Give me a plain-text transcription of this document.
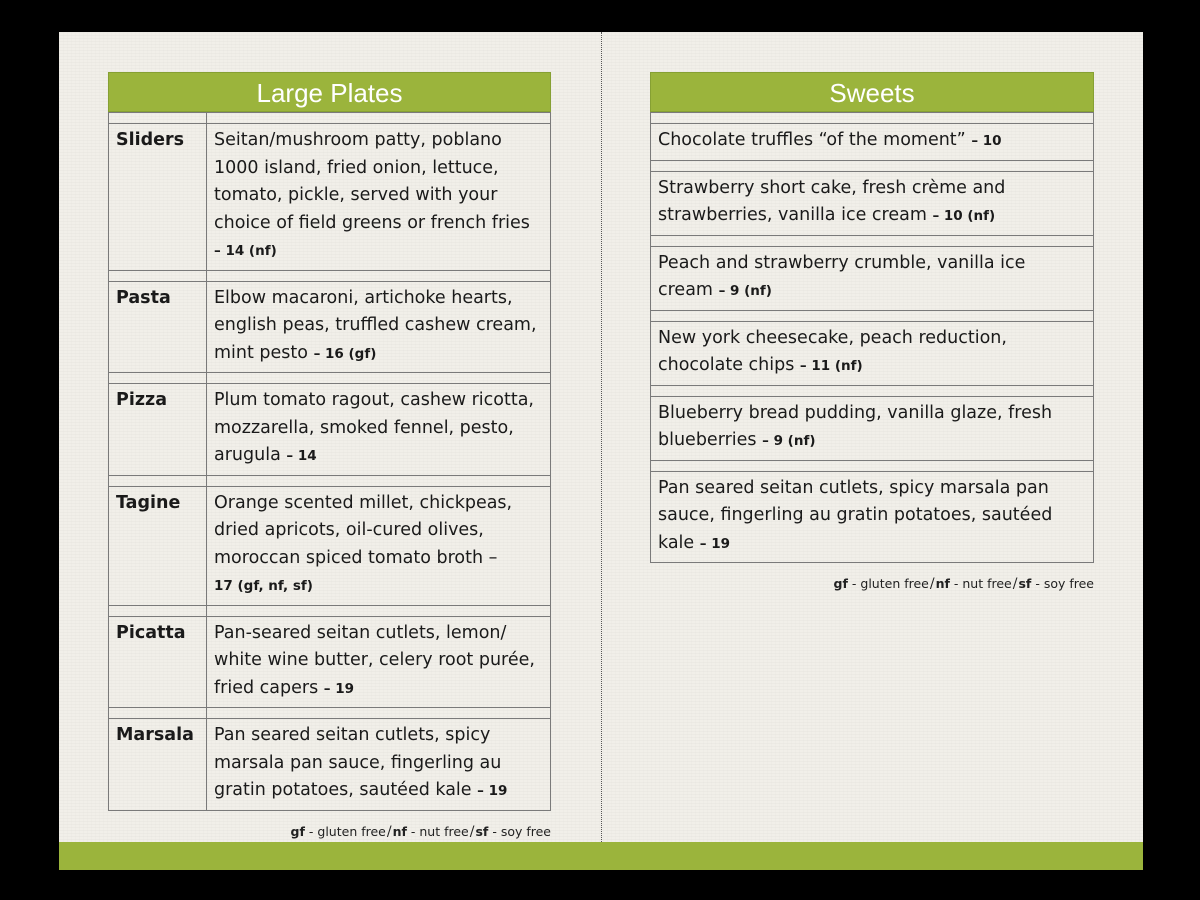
Large Plates

Sliders	Seitan/mushroom patty, poblano 1000 island, fried onion, lettuce, tomato, pickle, served with your choice of field greens or french fries – 14 (nf)

Pasta	Elbow macaroni, artichoke hearts, english peas, truffled cashew cream, mint pesto – 16 (gf)

Pizza	Plum tomato ragout, cashew ricotta, mozzarella, smoked fennel, pesto, arugula – 14

Tagine	Orange scented millet, chickpeas, dried apricots, oil-cured olives, moroccan spiced tomato broth –
17 (gf, nf, sf)

Picatta	Pan-seared seitan cutlets, lemon/ white wine butter, celery root purée, fried capers – 19

Marsala	Pan seared seitan cutlets, spicy marsala pan sauce, fingerling au gratin potatoes, sautéed kale – 19
gf - gluten free/nf - nut free/sf - soy free
Sweets

Chocolate truffles “of the moment” – 10

Strawberry short cake, fresh crème and strawberries, vanilla ice cream – 10 (nf)

Peach and strawberry crumble, vanilla ice cream – 9 (nf)

New york cheesecake, peach reduction, chocolate chips – 11 (nf)

Blueberry bread pudding, vanilla glaze, fresh blueberries – 9 (nf)

Pan seared seitan cutlets, spicy marsala pan sauce, fingerling au gratin potatoes, sautéed kale – 19
gf - gluten free/nf - nut free/sf - soy free
